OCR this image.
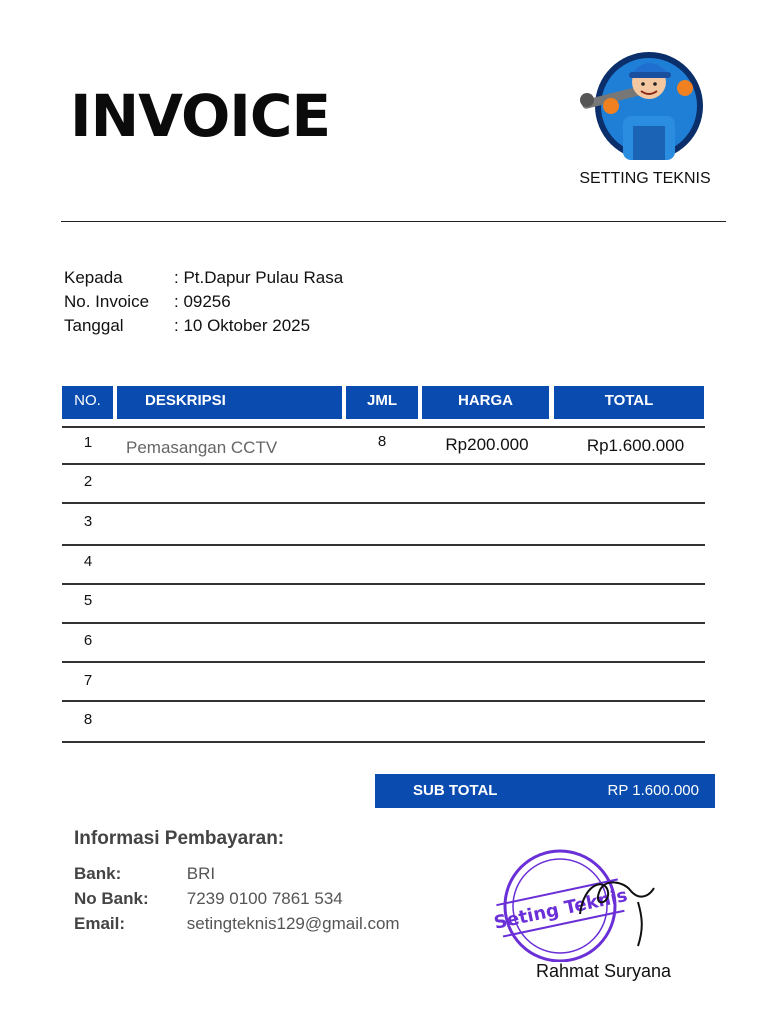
INVOICE
SETTING TEKNIS
Kepada	: Pt.Dapur Pulau Rasa
No. Invoice	: 09256
Tanggal	: 10 Oktober 2025
NO.	DESKRIPSI	JML	HARGA	TOTAL
1	Pemasangan CCTV	8	Rp200.000	Rp1.600.000
2
3
4
5
6
7
8
SUB TOTAL	RP 1.600.000
Informasi Pembayaran:
Bank:	BRI
No Bank: 7239 0100 7861 534
Email:	setingteknis129@gmail.com	Seting Teknis
Rahmat Suryana
